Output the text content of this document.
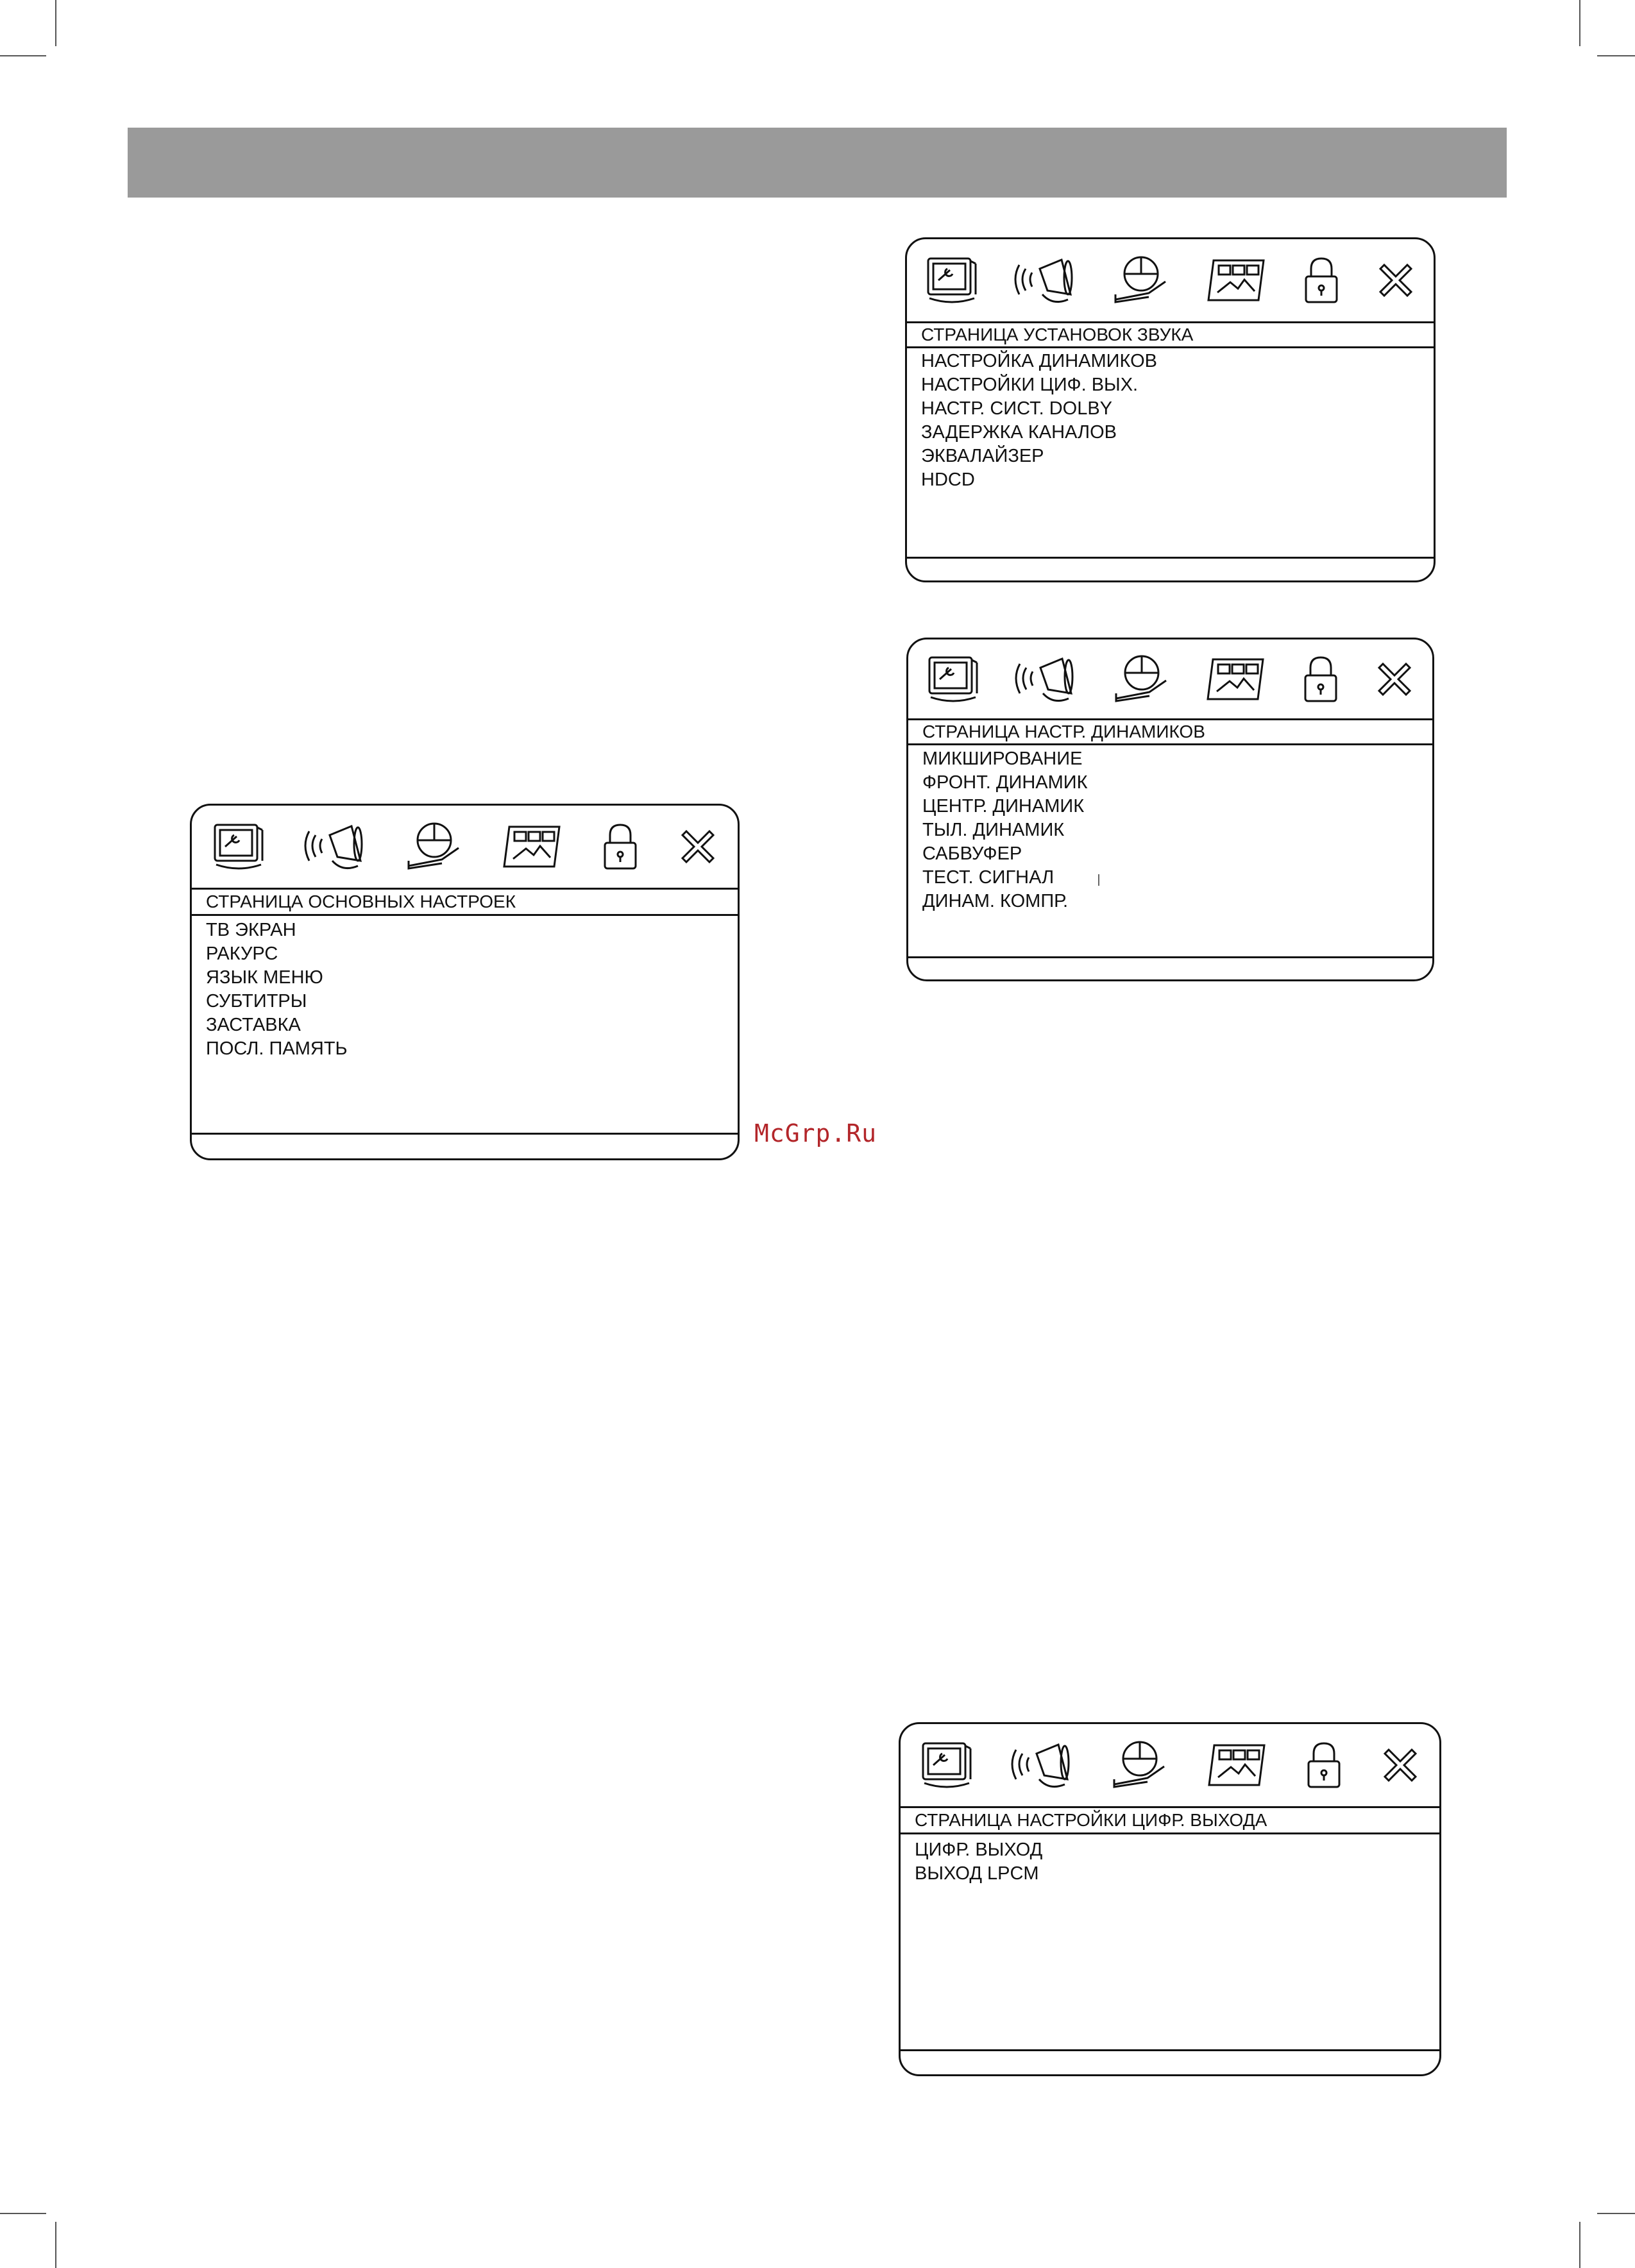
СТРАНИЦА УСТАНОВОК ЗВУКА
НАСТРОЙКА ДИНАМИКОВ
НАСТРОЙКИ ЦИФ. ВЫХ.
НАСТР. СИСТ. DOLBY
ЗАДЕРЖКА КАНАЛОВ
ЭКВАЛАЙЗЕР
HDCD
СТРАНИЦА НАСТР. ДИНАМИКОВ
МИКШИРОВАНИЕ
ФРОНТ. ДИНАМИК
ЦЕНТР. ДИНАМИК
ТЫЛ. ДИНАМИК
САБВУФЕР
ТЕСТ. СИГНАЛ
ДИНАМ. КОМПР.
СТРАНИЦА ОСНОВНЫХ НАСТРОЕК
ТВ ЭКРАН
РАКУРС
ЯЗЫК МЕНЮ
СУБТИТРЫ
ЗАСТАВКА
ПОСЛ. ПАМЯТЬ
СТРАНИЦА НАСТРОЙКИ ЦИФР. ВЫХОДА
ЦИФР. ВЫХОД
ВЫХОД LPCM
McGrp.Ru
